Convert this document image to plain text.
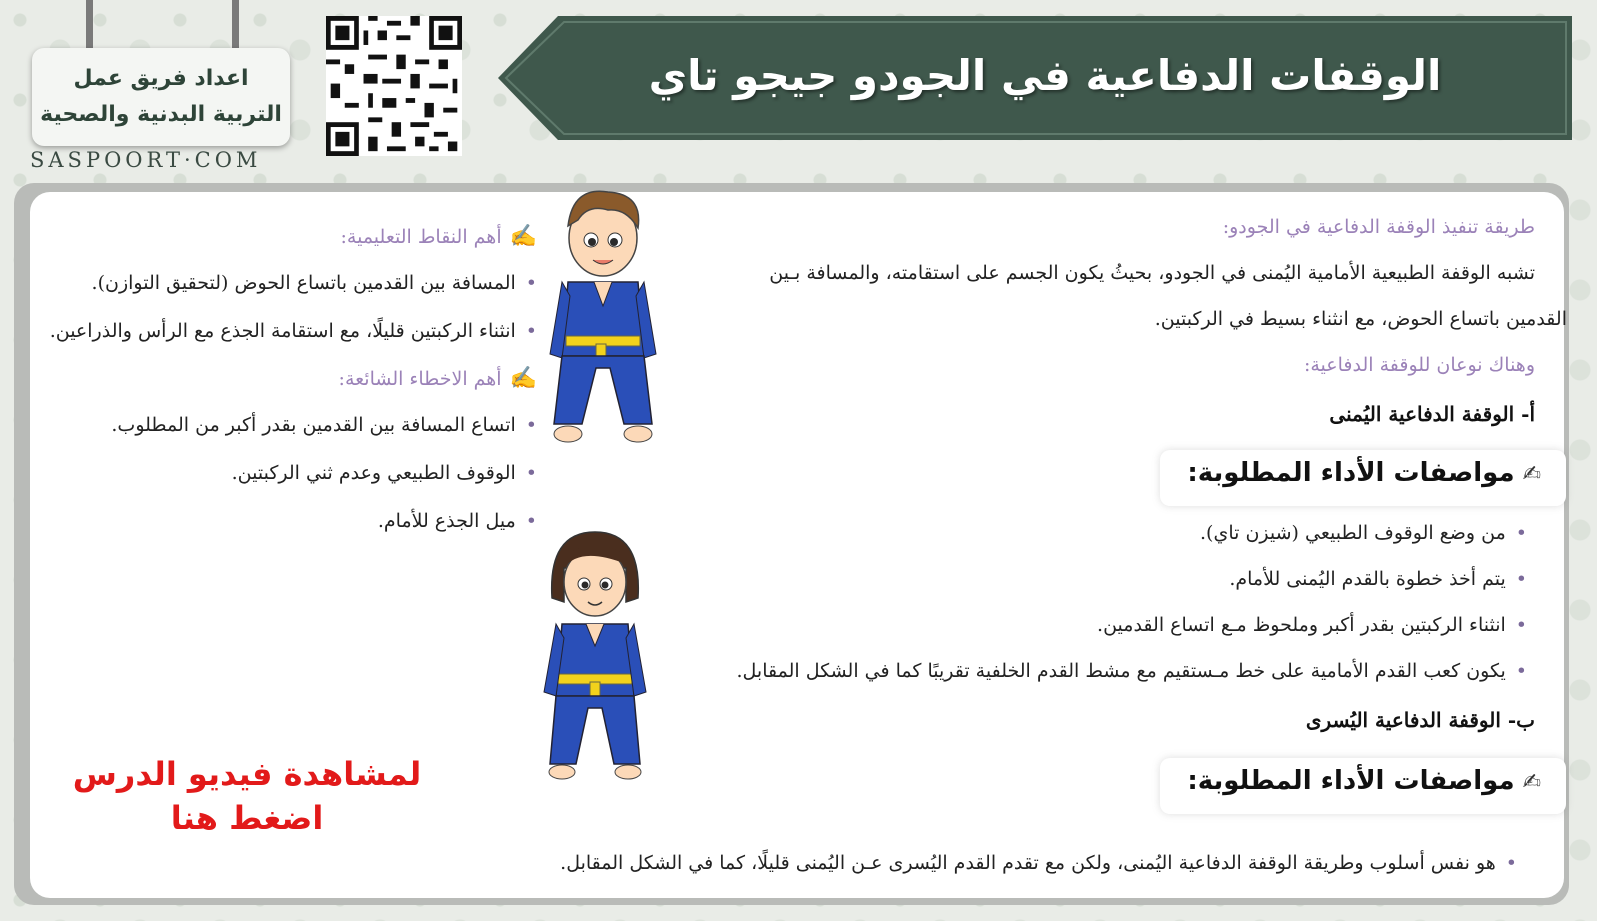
اعداد فريق عمل
التربية البدنية والصحية
SASPOORT·COM
الوقفات الدفاعية في الجودو جيجو تاي
✍أهم النقاط التعليمية:
•المسافة بين القدمين باتساع الحوض (لتحقيق التوازن).
•انثناء الركبتين قليلًا، مع استقامة الجذع مع الرأس والذراعين.
✍أهم الاخطاء الشائعة:
•اتساع المسافة بين القدمين بقدر أكبر من المطلوب.
•الوقوف الطبيعي وعدم ثني الركبتين.
•ميل الجذع للأمام.
لمشاهدة فيديو الدرس
اضغط هنا
طريقة تنفيذ الوقفة الدفاعية في الجودو:
تشبه الوقفة الطبيعية الأمامية اليُمنى في الجودو، بحيثُ يكون الجسم على استقامته، والمسافة بـين
القدمين باتساع الحوض، مع انثناء بسيط في الركبتين.
وهناك نوعان للوقفة الدفاعية:
أ- الوقفة الدفاعية اليُمنى
✍مواصفات الأداء المطلوبة:
•من وضع الوقوف الطبيعي (شيزن تاي).
•يتم أخذ خطوة بالقدم اليُمنى للأمام.
•انثناء الركبتين بقدر أكبر وملحوظ مـع اتساع القدمين.
•يكون كعب القدم الأمامية على خط مـستقيم مع مشط القدم الخلفية تقريبًا كما في الشكل المقابل.
ب- الوقفة الدفاعية اليُسرى
✍مواصفات الأداء المطلوبة:
•هو نفس أسلوب وطريقة الوقفة الدفاعية اليُمنى، ولكن مع تقدم القدم اليُسرى عـن اليُمنى قليلًا، كما في الشكل المقابل.
